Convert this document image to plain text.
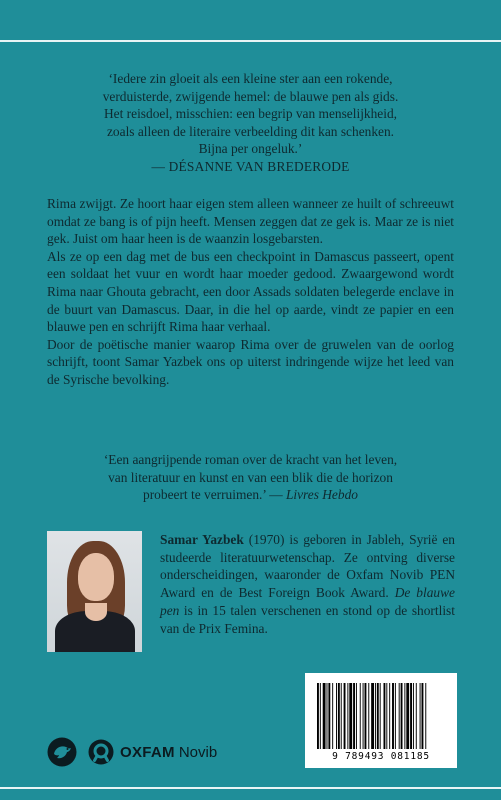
‘Iedere zin gloeit als een kleine ster aan een rokende,
verduisterde, zwijgende hemel: de blauwe pen als gids.
Het reisdoel, misschien: een begrip van menselijkheid,
zoals alleen de literaire verbeelding dit kan schenken.
Bijna per ongeluk.’
— DÉSANNE VAN BREDERODE

Rima zwijgt. Ze hoort haar eigen stem alleen wanneer ze huilt of schreeuwt omdat ze bang is of pijn heeft. Mensen zeggen dat ze gek is. Maar ze is niet gek. Juist om haar heen is de waanzin losgebarsten.

Als ze op een dag met de bus een checkpoint in Damascus passeert, opent een soldaat het vuur en wordt haar moeder gedood. Zwaargewond wordt Rima naar Ghouta gebracht, een door Assads soldaten belegerde enclave in de buurt van Damascus. Daar, in die hel op aarde, vindt ze papier en een blauwe pen en schrijft Rima haar verhaal.

Door de poëtische manier waarop Rima over de gruwelen van de oorlog schrijft, toont Samar Yazbek ons op uiterst indringende wijze het leed van de Syrische bevolking.

‘Een aangrijpende roman over de kracht van het leven,
van literatuur en kunst en van een blik die de horizon
probeert te verruimen.’ — Livres Hebdo
Samar Yazbek (1970) is geboren in Jableh, Syrië en studeerde literatuurwetenschap. Ze ontving diverse onderscheidingen, waaronder de Oxfam Novib PEN Award en de Best Foreign Book Award. De blauwe pen is in 15 talen verschenen en stond op de shortlist van de Prix Femina.
9 789493 081185
OXFAM Novib
